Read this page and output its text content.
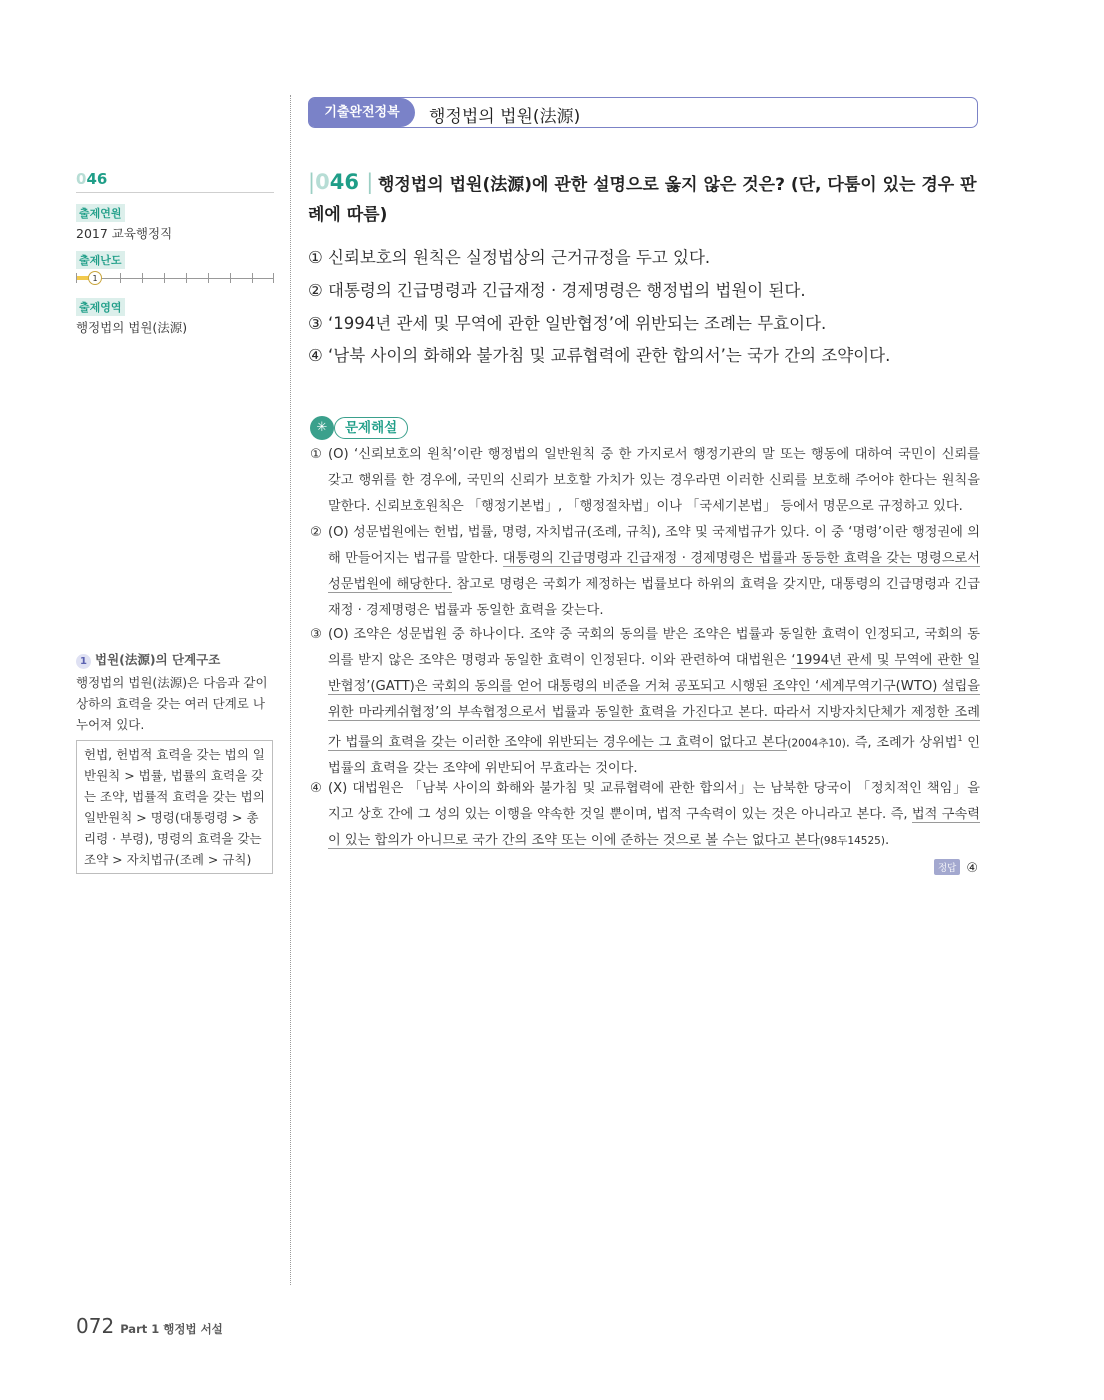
기출완전정복	행정법의 법원(法源)
046
출제연원
2017 교육행정직
출제난도
1
출제영역
행정법의 법원(法源)
1 법원(法源)의 단계구조
행정법의 법원(法源)은 다음과 같이 상하의 효력을 갖는 여러 단계로 나누어져 있다.
헌법, 헌법적 효력을 갖는 법의 일반원칙 > 법률, 법률의 효력을 갖는 조약, 법률적 효력을 갖는 법의 일반원칙 > 명령(대통령령 > 총리령 · 부령), 명령의 효력을 갖는 조약 > 자치법규(조례 > 규칙)
행정법의 법원(法源)에 관한 설명으로 옳지 않은 것은? (단, 다툼이 있는 경우 판례에 따름)
|046 |
① 신뢰보호의 원칙은 실정법상의 근거규정을 두고 있다.
② 대통령의 긴급명령과 긴급재정 · 경제명령은 행정법의 법원이 된다.
③ ‘1994년 관세 및 무역에 관한 일반협정’에 위반되는 조례는 무효이다.
④ ‘남북 사이의 화해와 불가침 및 교류협력에 관한 합의서’는 국가 간의 조약이다.
문제해설
✳
① (O) ‘신뢰보호의 원칙’이란 행정법의 일반원칙 중 한 가지로서 행정기관의 말 또는 행동에 대하여 국민이 신뢰를 갖고 행위를 한 경우에, 국민의 신뢰가 보호할 가치가 있는 경우라면 이러한 신뢰를 보호해 주어야 한다는 원칙을 말한다. 신뢰보호원칙은 「행정기본법」, 「행정절차법」이나 「국세기본법」 등에서 명문으로 규정하고 있다.
② (O) 성문법원에는 헌법, 법률, 명령, 자치법규(조례, 규칙), 조약 및 국제법규가 있다. 이 중 ‘명령’이란 행정권에 의해 만들어지는 법규를 말한다. 대통령의 긴급명령과 긴급재정 · 경제명령은 법률과 동등한 효력을 갖는 명령으로서 성문법원에 해당한다. 참고로 명령은 국회가 제정하는 법률보다 하위의 효력을 갖지만, 대통령의 긴급명령과 긴급재정 · 경제명령은 법률과 동일한 효력을 갖는다.
③ (O) 조약은 성문법원 중 하나이다. 조약 중 국회의 동의를 받은 조약은 법률과 동일한 효력이 인정되고, 국회의 동의를 받지 않은 조약은 명령과 동일한 효력이 인정된다. 이와 관련하여 대법원은 ‘1994년 관세 및 무역에 관한 일반협정’(GATT)은 국회의 동의를 얻어 대통령의 비준을 거쳐 공포되고 시행된 조약인 ‘세계무역기구(WTO) 설립을 위한 마라케쉬협정’의 부속협정으로서 법률과 동일한 효력을 가진다고 본다. 따라서 지방자치단체가 제정한 조례가 법률의 효력을 갖는 이러한 조약에 위반되는 경우에는 그 효력이 없다고 본다(2004추10). 즉, 조례가 상위법$^1$ 인 법률의 효력을 갖는 조약에 위반되어 무효라는 것이다.
④ (X) 대법원은 「남북 사이의 화해와 불가침 및 교류협력에 관한 합의서」는 남북한 당국이 「정치적인 책임」을 지고 상호 간에 그 성의 있는 이행을 약속한 것일 뿐이며, 법적 구속력이 있는 것은 아니라고 본다. 즉, 법적 구속력이 있는 합의가 아니므로 국가 간의 조약 또는 이에 준하는 것으로 볼 수는 없다고 본다(98두14525).
정답 ④
072 Part 1 행정법 서설
